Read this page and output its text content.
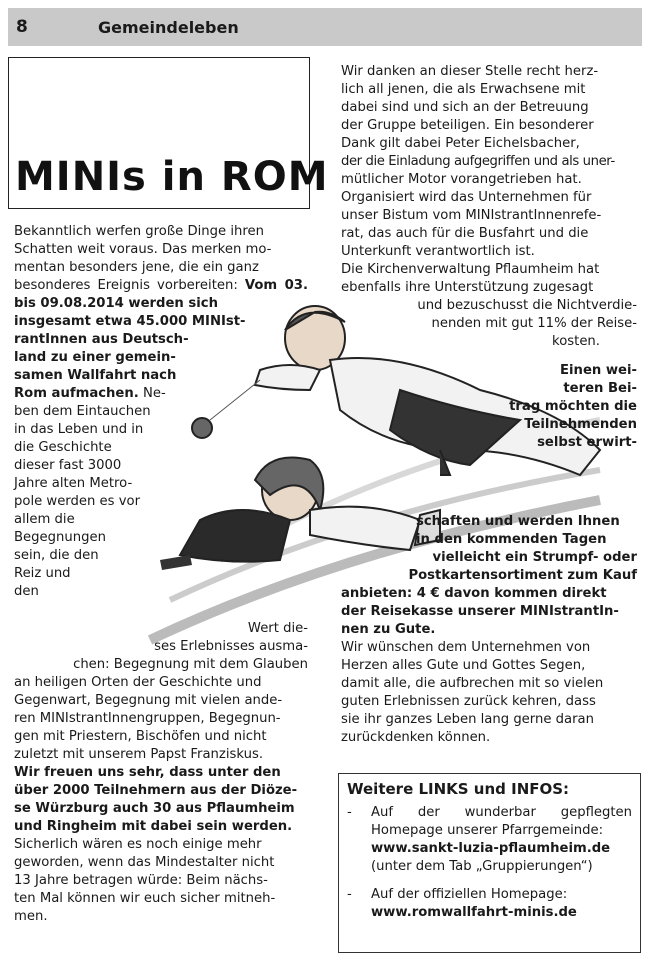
8	Gemeindeleben
MINIs in ROM

Bekanntlich werfen große Dinge ihren

Schatten weit voraus. Das merken mo-

mentan besonders jene, die ein ganz

besonderes Ereignis vorbereiten: Vom 03. bis 09.08.2014 werden sich

insgesamt etwa 45.000 MINIst-

rantInnen aus Deutsch-

land zu einer gemein-

samen Wallfahrt nach

Rom aufmachen. Ne-

ben dem Eintauchen

in das Leben und in

die Geschichte

dieser fast 3000

Jahre alten Metro-

pole werden es vor

allem die

Begegnungen

sein, die den

Reiz und

den

Wert die-

ses Erlebnisses ausma-

chen: Begegnung mit dem Glauben

an heiligen Orten der Geschichte und

Gegenwart, Begegnung mit vielen ande-

ren MINIstrantInnengruppen, Begegnun-

gen mit Priestern, Bischöfen und nicht

zuletzt mit unserem Papst Franziskus.

Wir freuen uns sehr, dass unter den

über 2000 Teilnehmern aus der Diöze-

se Würzburg auch 30 aus Pflaumheim

und Ringheim mit dabei sein werden.

Sicherlich wären es noch einige mehr

geworden, wenn das Mindestalter nicht

13 Jahre betragen würde: Beim nächs-

ten Mal können wir euch sicher mitneh-

men.

Wir danken an dieser Stelle recht herz-

lich all jenen, die als Erwachsene mit

dabei sind und sich an der Betreuung

der Gruppe beteiligen. Ein besonderer

Dank gilt dabei Peter Eichelsbacher,

der die Einladung aufgegriffen und als uner-

mütlicher Motor vorangetrieben hat.

Organisiert wird das Unternehmen für

unser Bistum vom MINIstrantInnenrefe-

rat, das auch für die Busfahrt und die

Unterkunft verantwortlich ist.

Die Kirchenverwaltung Pflaumheim hat

ebenfalls ihre Unterstützung zugesagt

und bezuschusst die Nichtverdie-

nenden mit gut 11% der Reise-

kosten.

Einen wei-

teren Bei-

trag möchten die

Teilnehmenden

selbst erwirt-

schaften und werden Ihnen

in den kommenden Tagen

vielleicht ein Strumpf- oder

Postkartensortiment zum Kauf

anbieten: 4 € davon kommen direkt

der Reisekasse unserer MINIstrantIn-

nen zu Gute.

Wir wünschen dem Unternehmen von

Herzen alles Gute und Gottes Segen,

damit alle, die aufbrechen mit so vielen

guten Erlebnissen zurück kehren, dass

sie ihr ganzes Leben lang gerne daran

zurückdenken können.

Weitere LINKS und INFOS:
-	Auf der wunderbar gepflegten Homepage unserer Pfarrgemeinde:
www.sankt-luzia-pflaumheim.de
(unter dem Tab „Gruppierungen“)
-	Auf der offiziellen Homepage:
www.romwallfahrt-minis.de
